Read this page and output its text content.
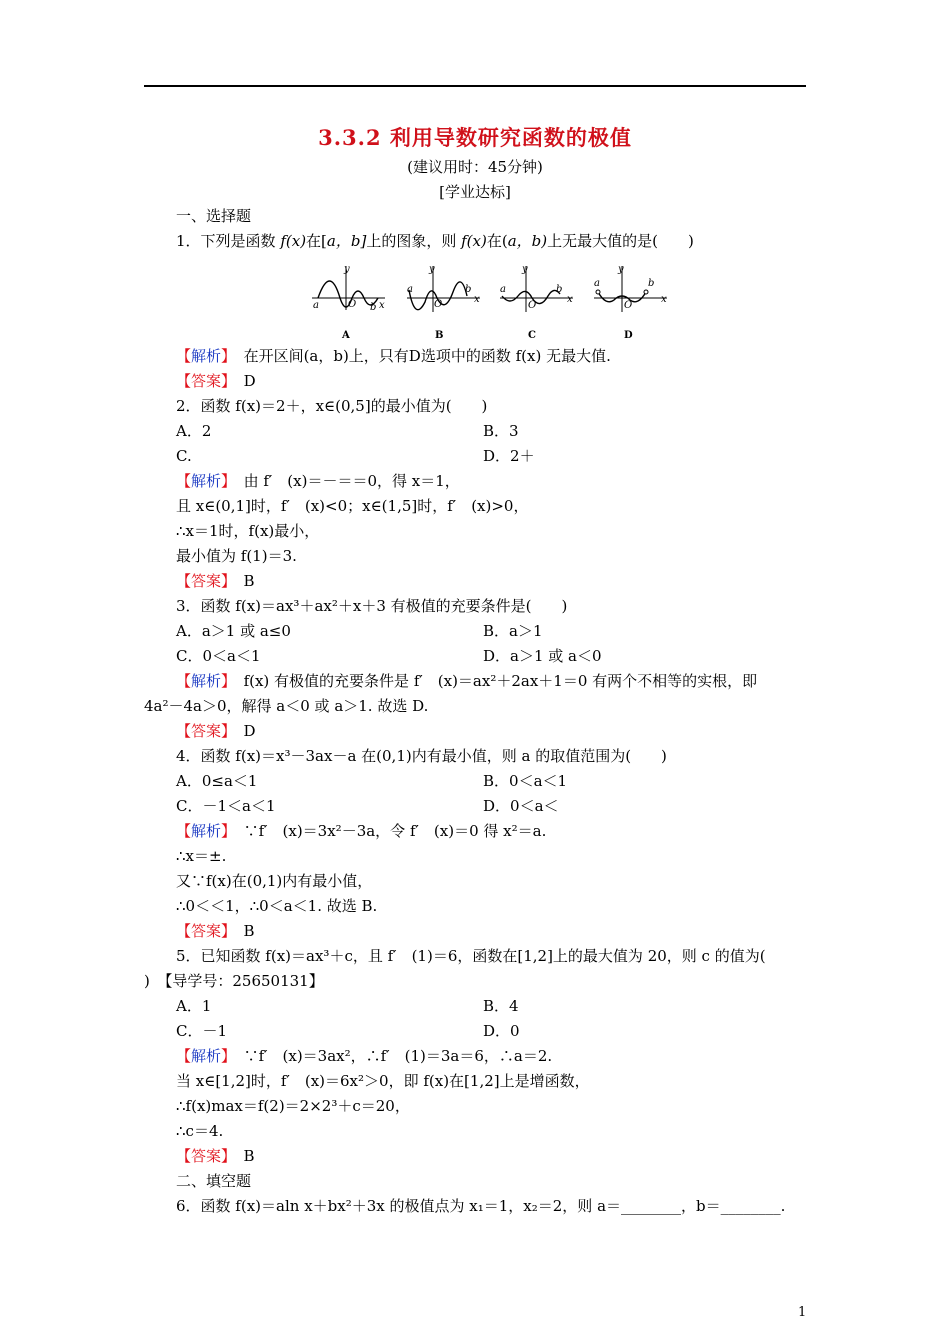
3.3.2 利用导数研究函数的极值
(建议用时：45分钟)
[学业达标]
一、选择题
1．下列是函数 f(x)在[a，b]上的图象，则 f(x)在(a，b)上无最大值的是(　　)
y
a	b x
O
A
y
a	b
x
O
B
y
a	b
x
O
C
y
a	b
x
O
D
【解析】　 在开区间(a，b)上，只有D选项中的函数 f(x) 无最大值.
【答案】　 D
2．函数 f(x)＝2＋，x∈(0,5]的最小值为(　　)
A．2	B．3
C.	D．2＋
【解析】　 由 f′　(x)＝－＝＝0，得 x＝1，
且 x∈(0,1]时，f′　(x)<0；x∈(1,5]时，f′　(x)>0，
∴x＝1时，f(x)最小，
最小值为 f(1)＝3.
【答案】　 B
3．函数 f(x)＝ax³＋ax²＋x＋3 有极值的充要条件是(　　)
A．a＞1 或 a≤0	B．a＞1
C．0＜a＜1	D．a＞1 或 a＜0
【解析】　 f(x) 有极值的充要条件是 f′　(x)＝ax²＋2ax＋1＝0 有两个不相等的实根，即
4a²－4a＞0，解得 a＜0 或 a＞1. 故选 D.
【答案】　 D
4．函数 f(x)＝x³－3ax－a 在(0,1)内有最小值，则 a 的取值范围为(　　)
A．0≤a＜1	B．0＜a＜1
C．－1＜a＜1	D．0＜a＜
【解析】　 ∵f′　(x)＝3x²－3a，令 f′　(x)＝0 得 x²＝a.
∴x＝±.
又∵f(x)在(0,1)内有最小值，
∴0＜＜1，∴0＜a＜1. 故选 B.
【答案】　 B
5．已知函数 f(x)＝ax³＋c，且 f′　(1)＝6，函数在[1,2]上的最大值为 20，则 c 的值为(
)　【导学号：25650131】
A．1	B．4
C．－1	D．0
【解析】　 ∵f′　(x)＝3ax²，∴f′　(1)＝3a＝6，∴a＝2.
当 x∈[1,2]时，f′　(x)＝6x²＞0，即 f(x)在[1,2]上是增函数，
∴f(x)max＝f(2)＝2×2³＋c＝20，
∴c＝4.
【答案】　 B
二、填空题
6．函数 f(x)＝aln x＋bx²＋3x 的极值点为 x₁＝1，x₂＝2，则 a＝________，b＝________.
1
